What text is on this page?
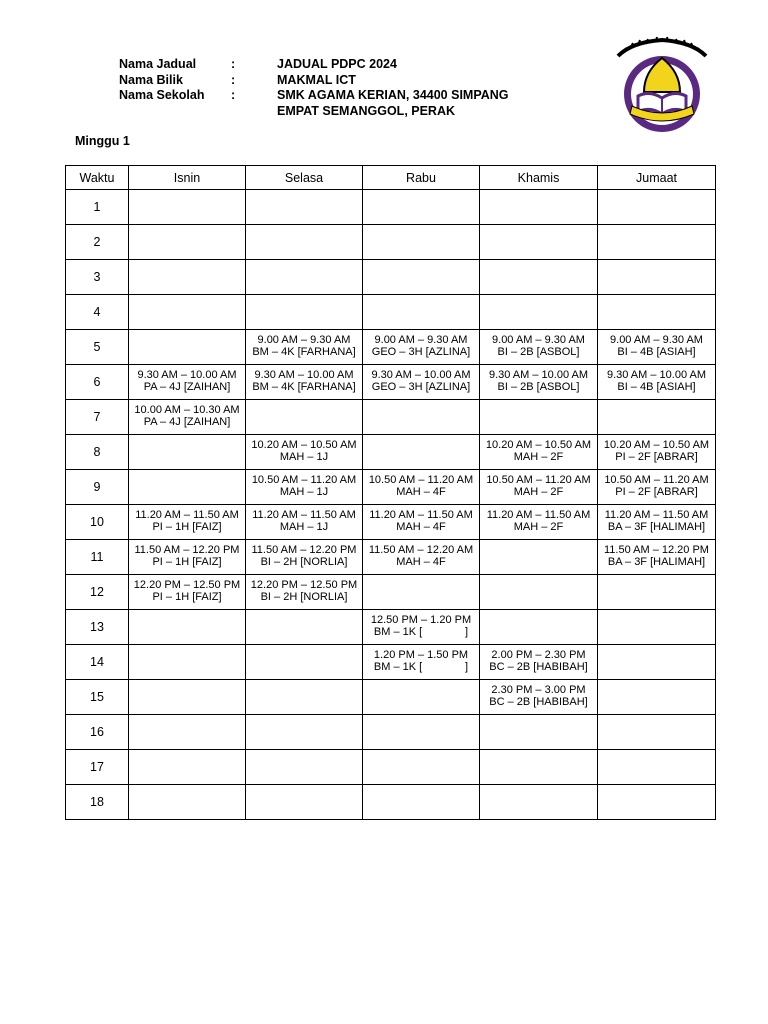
Nama Jadual	:	JADUAL PDPC 2024
Nama Bilik	:	MAKMAL ICT
Nama Sekolah	:	SMK AGAMA KERIAN, 34400 SIMPANG
EMPAT SEMANGGOL, PERAK
Minggu 1
Waktu	Isnin	Selasa	Rabu	Khamis	Jumaat
1					
2					
3					
4					
5		9.00 AM – 9.30 AM
BM – 4K [FARHANA]	9.00 AM – 9.30 AM
GEO – 3H [AZLINA]	9.00 AM – 9.30 AM
BI – 2B [ASBOL]	9.00 AM – 9.30 AM
BI – 4B [ASIAH]

6	9.30 AM – 10.00 AM
PA – 4J [ZAIHAN]	9.30 AM – 10.00 AM
BM – 4K [FARHANA]	9.30 AM – 10.00 AM
GEO – 3H [AZLINA]	9.30 AM – 10.00 AM
BI – 2B [ASBOL]	9.30 AM – 10.00 AM
BI – 4B [ASIAH]

7	10.00 AM – 10.30 AM
PA – 4J [ZAIHAN]				

8		10.20 AM – 10.50 AM
MAH – 1J		10.20 AM – 10.50 AM
MAH – 2F	10.20 AM – 10.50 AM
PI – 2F [ABRAR]

9		10.50 AM – 11.20 AM
MAH – 1J	10.50 AM – 11.20 AM
MAH – 4F	10.50 AM – 11.20 AM
MAH – 2F	10.50 AM – 11.20 AM
PI – 2F [ABRAR]

10	11.20 AM – 11.50 AM
PI – 1H [FAIZ]	11.20 AM – 11.50 AM
MAH – 1J	11.20 AM – 11.50 AM
MAH – 4F	11.20 AM – 11.50 AM
MAH – 2F	11.20 AM – 11.50 AM
BA – 3F [HALIMAH]

11	11.50 AM – 12.20 PM
PI – 1H [FAIZ]	11.50 AM – 12.20 PM
BI – 2H [NORLIA]	11.50 AM – 12.20 AM
MAH – 4F		11.50 AM – 12.20 PM
BA – 3F [HALIMAH]

12	12.20 PM – 12.50 PM
PI – 1H [FAIZ]	12.20 PM – 12.50 PM
BI – 2H [NORLIA]			

13			12.50 PM – 1.20 PM
BM – 1K [              ]		

14			1.20 PM – 1.50 PM
BM – 1K [              ]	2.00 PM – 2.30 PM
BC – 2B [HABIBAH]	

15				2.30 PM – 3.00 PM
BC – 2B [HABIBAH]	

16					
17					
18					
